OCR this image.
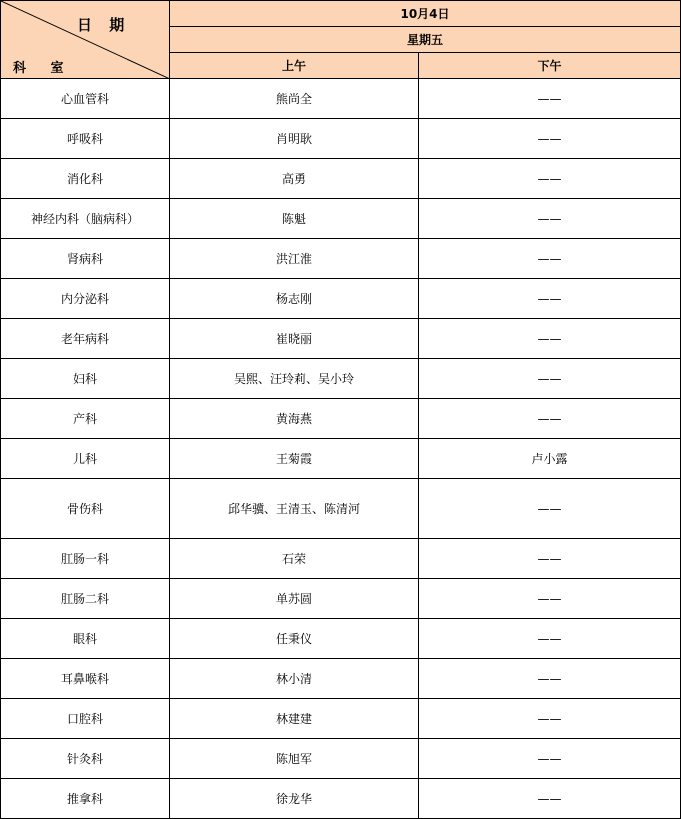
日 期
科 室	10月4日	
	星期五	
	上午	下午
心血管科	熊尚全	——
呼吸科	肖明耿	——
消化科	高勇	——
神经内科（脑病科）	陈魁	——
肾病科	洪江淮	——
内分泌科	杨志刚	——
老年病科	崔晓丽	——
妇科	吴熙、汪玲莉、吴小玲	——
产科	黄海燕	——
儿科	王菊霞	卢小露
骨伤科	邱华骥、王清玉、陈清河	——
肛肠一科	石荣	——
肛肠二科	单苏圆	——
眼科	任秉仪	——
耳鼻喉科	林小清	——
口腔科	林建建	——
针灸科	陈旭军	——
推拿科	徐龙华	——
